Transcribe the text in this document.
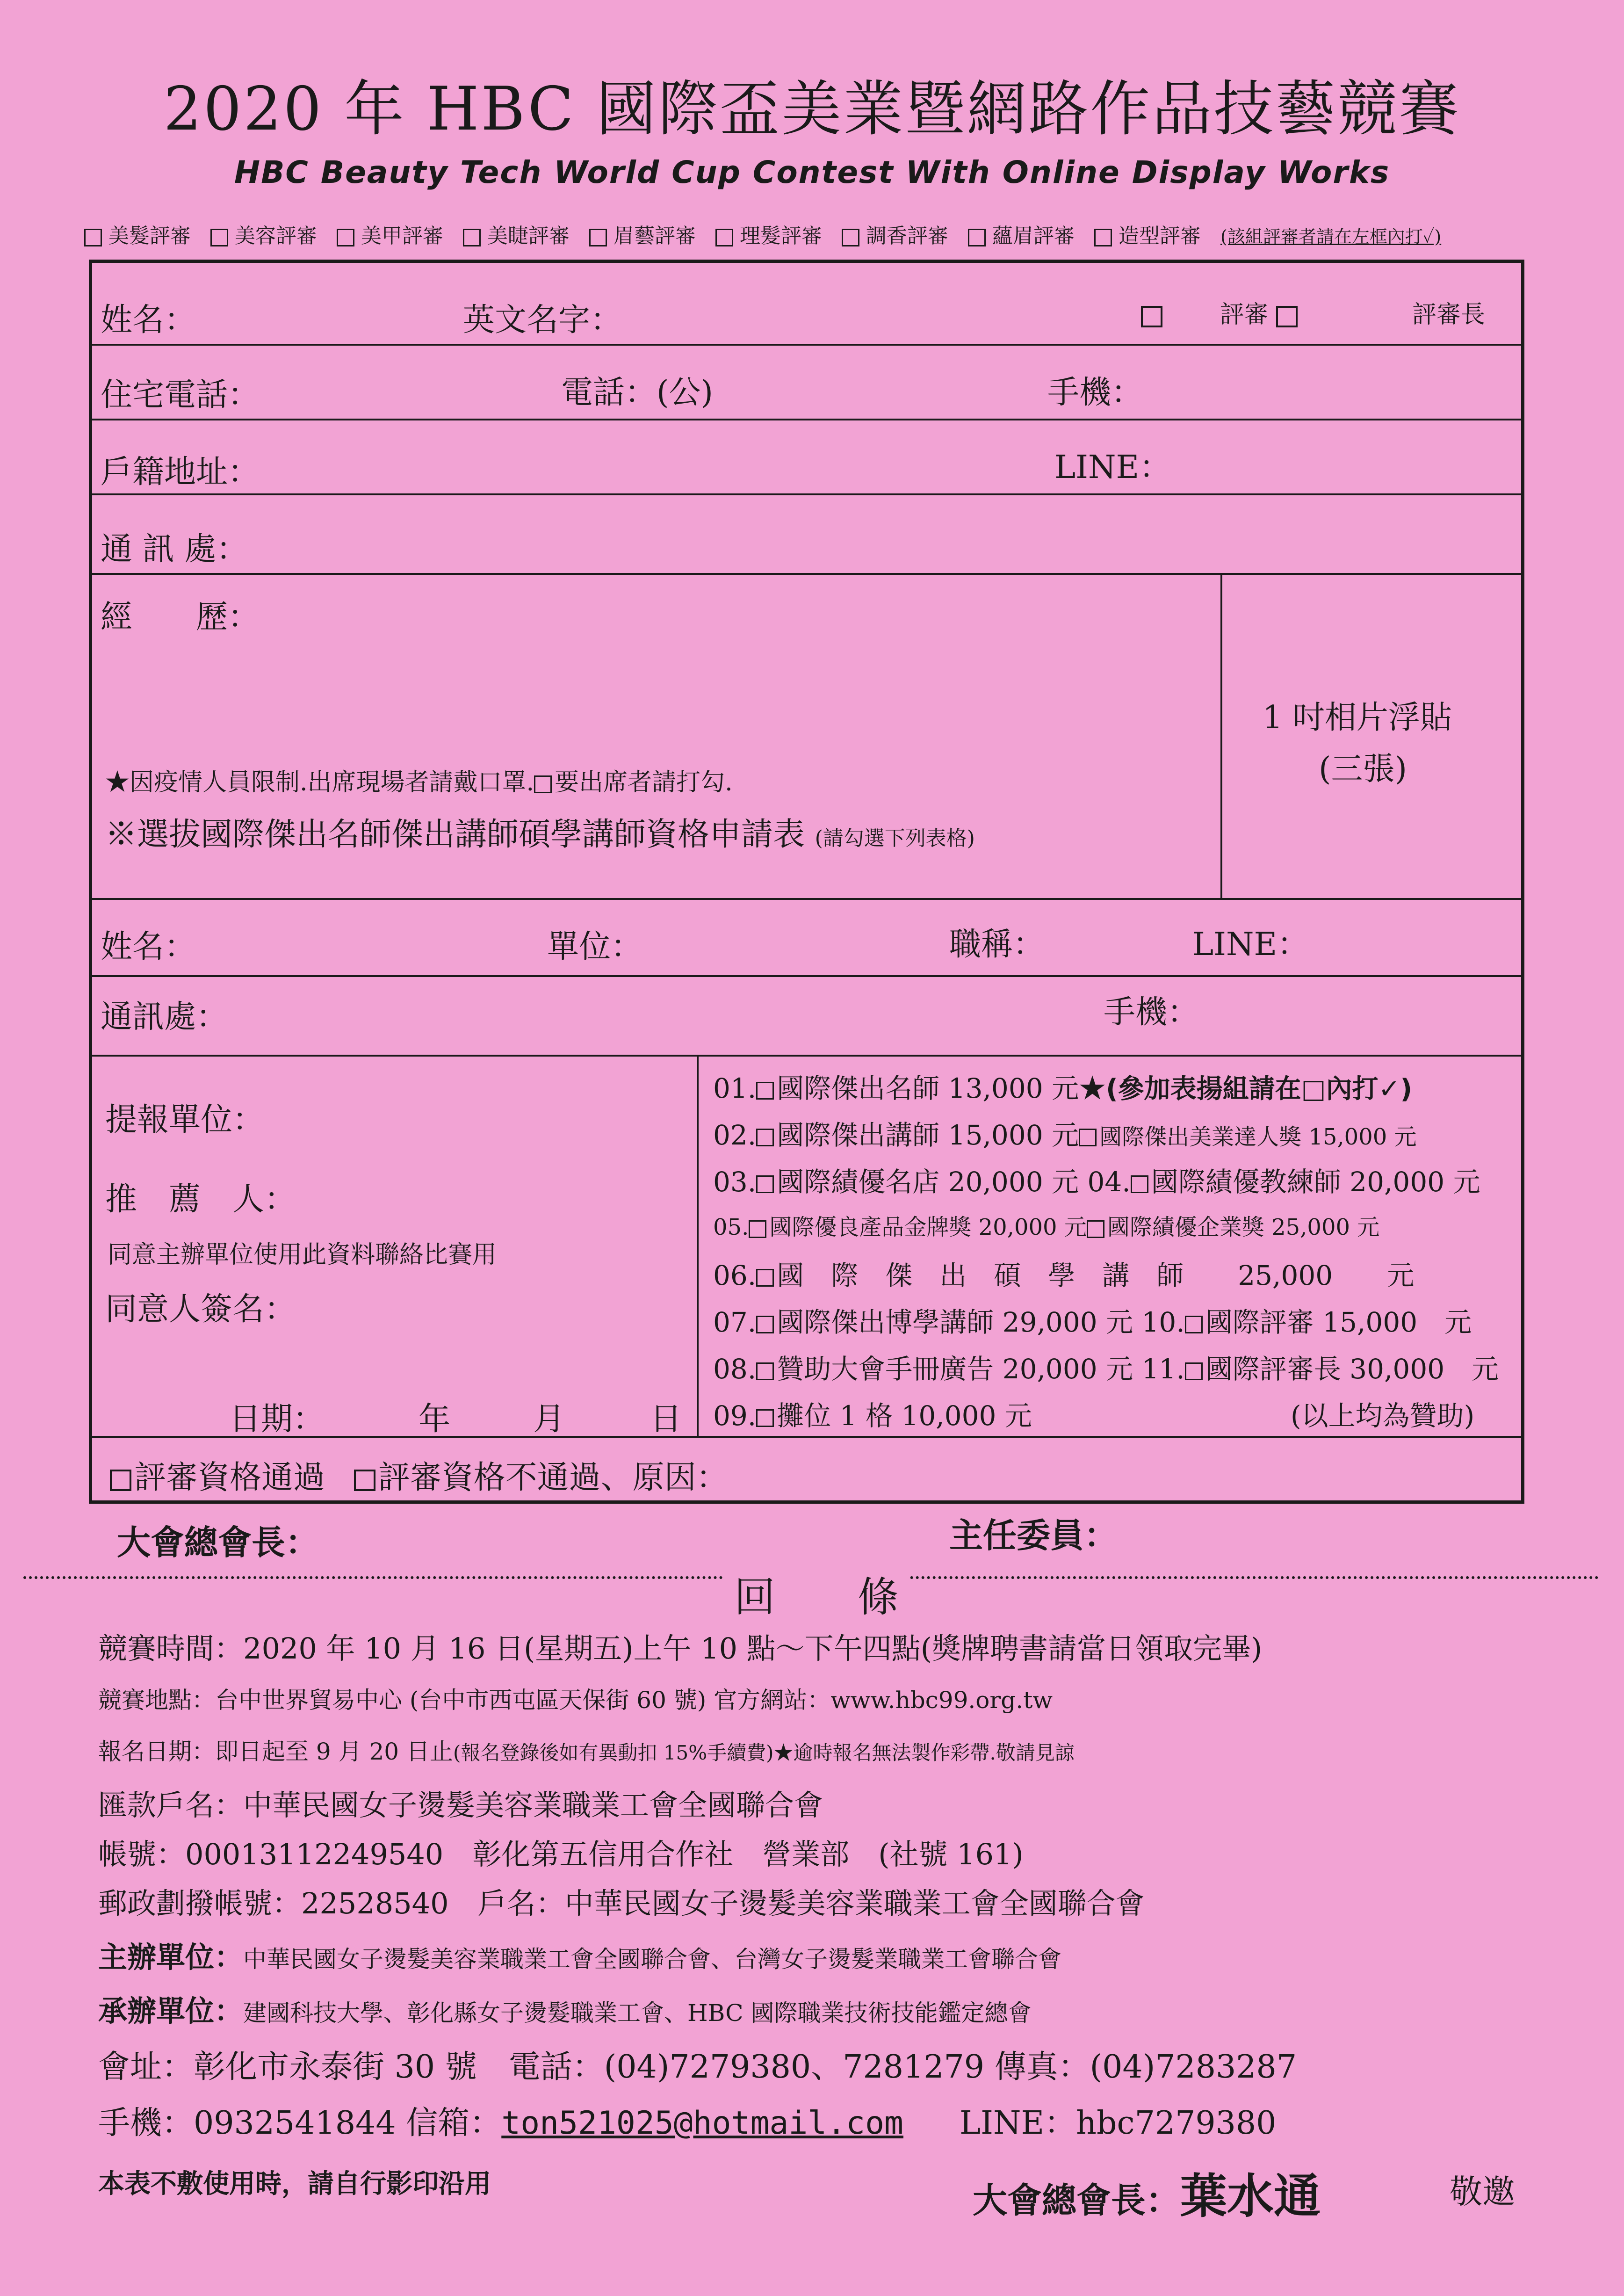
2020 年 HBC 國際盃美業暨網路作品技藝競賽
HBC Beauty Tech World Cup Contest With Online Display Works
美髮評審 美容評審 美甲評審 美睫評審 眉藝評審 理髮評審 調香評審 蘊眉評審 造型評審 (該組評審者請在左框內打✓)
姓名：	英文名字：	評審	評審長
住宅電話：	電話：(公)	手機：
戶籍地址：	LINE：
通 訊 處：
經　　歷：
1 吋相片浮貼
(三張)
★因疫情人員限制.出席現場者請戴口罩. 要出席者請打勾.
※選拔國際傑出名師傑出講師碩學講師資格申請表 (請勾選下列表格)
姓名：	單位：	職稱：	LINE：
通訊處：	手機：
提報單位：
推　薦　人：
同意主辦單位使用此資料聯絡比賽用
同意人簽名：
日期：	年	月	日
01. 國際傑出名師 13,000 元★(參加表揚組請在□內打✓)
02. 國際傑出講師 15,000 元 國際傑出美業達人獎 15,000 元
03. 國際績優名店 20,000 元 04. 國際績優教練師 20,000 元
05. 國際優良產品金牌獎 20,000 元 國際績優企業獎 25,000 元
06. 國　際　傑　出　碩　學　講　師　　25,000　　元
07. 國際傑出博學講師 29,000 元 10. 國際評審 15,000　元
08. 贊助大會手冊廣告 20,000 元 11. 國際評審長 30,000　元
09. 攤位 1 格 10,000 元	(以上均為贊助)
評審資格通過 評審資格不通過、原因：
大會總會長：	主任委員：
回　　條
競賽時間：2020 年 10 月 16 日(星期五)上午 10 點～下午四點(獎牌聘書請當日領取完畢)
競賽地點：台中世界貿易中心 (台中市西屯區天保街 60 號) 官方網站：www.hbc99.org.tw
報名日期：即日起至 9 月 20 日止(報名登錄後如有異動扣 15%手續費)★逾時報名無法製作彩帶.敬請見諒
匯款戶名：中華民國女子燙髮美容業職業工會全國聯合會
帳號：00013112249540　彰化第五信用合作社　營業部　(社號 161)
郵政劃撥帳號：22528540　戶名：中華民國女子燙髮美容業職業工會全國聯合會
主辦單位：中華民國女子燙髮美容業職業工會全國聯合會、台灣女子燙髮業職業工會聯合會
承辦單位：建國科技大學、彰化縣女子燙髮職業工會、HBC 國際職業技術技能鑑定總會
會址：彰化市永泰街 30 號　電話：(04)7279380、7281279 傳真：(04)7283287
手機：0932541844 信箱：ton521025@hotmail.com LINE：hbc7279380
本表不敷使用時，請自行影印沿用	大會總會長：葉水通	敬邀
